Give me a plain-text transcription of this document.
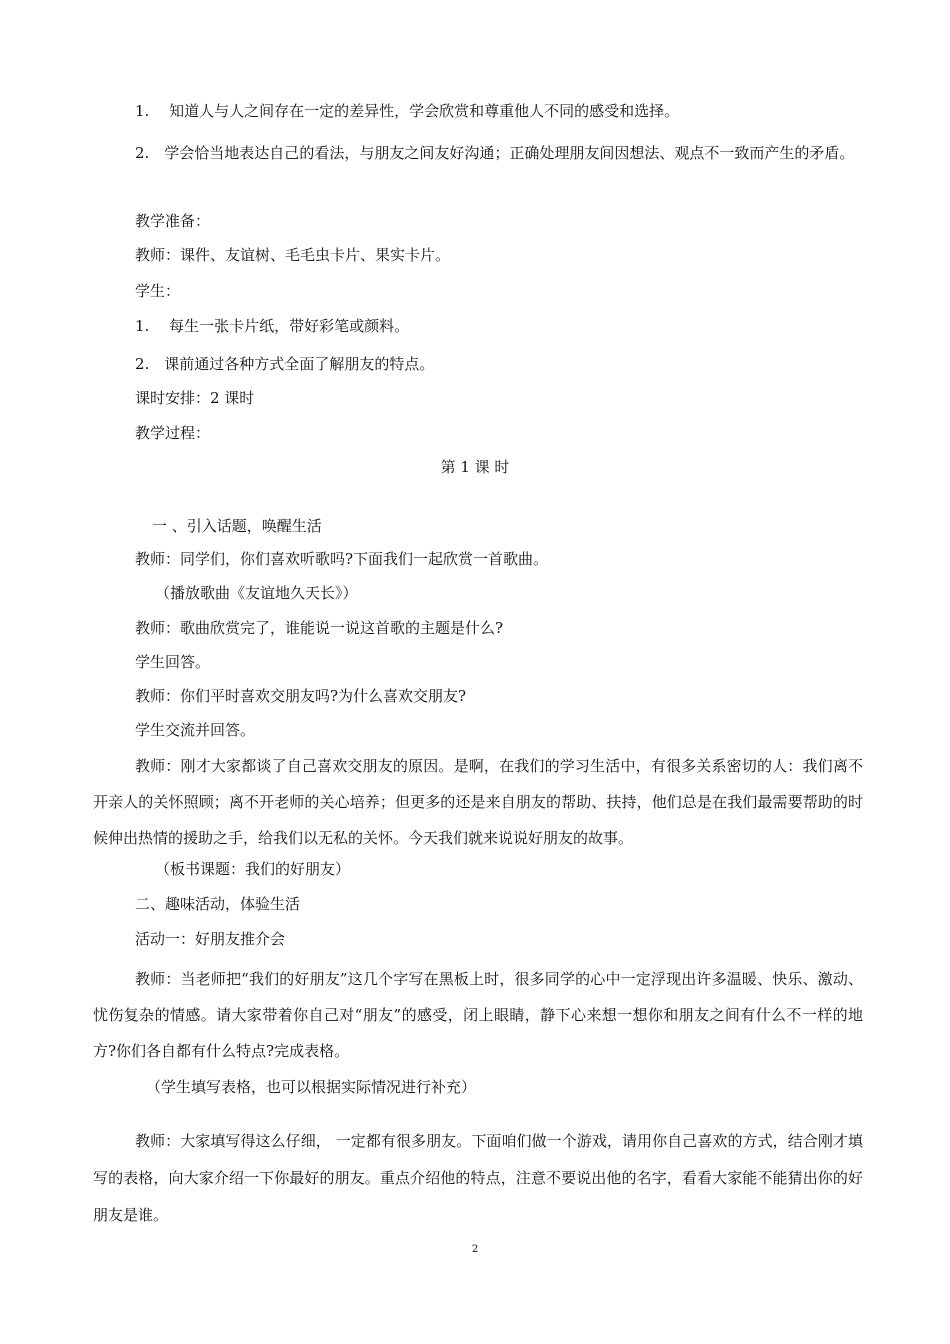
1.　 知道人与人之间存在一定的差异性，学会欣赏和尊重他人不同的感受和选择。
2.　学会恰当地表达自己的看法，与朋友之间友好沟通；正确处理朋友间因想法、观点不一致而产生的矛盾。
教学准备：
教师：课件、友谊树、毛毛虫卡片、果实卡片。
学生：
1.　 每生一张卡片纸，带好彩笔或颜料。
2.　课前通过各种方式全面了解朋友的特点。
课时安排：2 课时
教学过程：
第 1 课 时
一 、引入话题，唤醒生活
教师：同学们，你们喜欢听歌吗?下面我们一起欣赏一首歌曲。
（播放歌曲《友谊地久天长》）
教师：歌曲欣赏完了，谁能说一说这首歌的主题是什么?
学生回答。
教师：你们平时喜欢交朋友吗?为什么喜欢交朋友?
学生交流并回答。
教师：刚才大家都谈了自己喜欢交朋友的原因。是啊，在我们的学习生活中，有很多关系密切的人：我们离不开亲人的关怀照顾；离不开老师的关心培养；但更多的还是来自朋友的帮助、扶持，他们总是在我们最需要帮助的时候伸出热情的援助之手，给我们以无私的关怀。今天我们就来说说好朋友的故事。
（板书课题：我们的好朋友）
二、趣味活动，体验生活
活动一：好朋友推介会
教师：当老师把“我们的好朋友”这几个字写在黑板上时，很多同学的心中一定浮现出许多温暖、快乐、激动、忧伤复杂的情感。请大家带着你自己对“朋友”的感受，闭上眼睛，静下心来想一想你和朋友之间有什么不一样的地方?你们各自都有什么特点?完成表格。
（学生填写表格，也可以根据实际情况进行补充）
教师：大家填写得这么仔细， 一定都有很多朋友。下面咱们做一个游戏，请用你自己喜欢的方式，结合刚才填写的表格，向大家介绍一下你最好的朋友。重点介绍他的特点，注意不要说出他的名字，看看大家能不能猜出你的好朋友是谁。
2
